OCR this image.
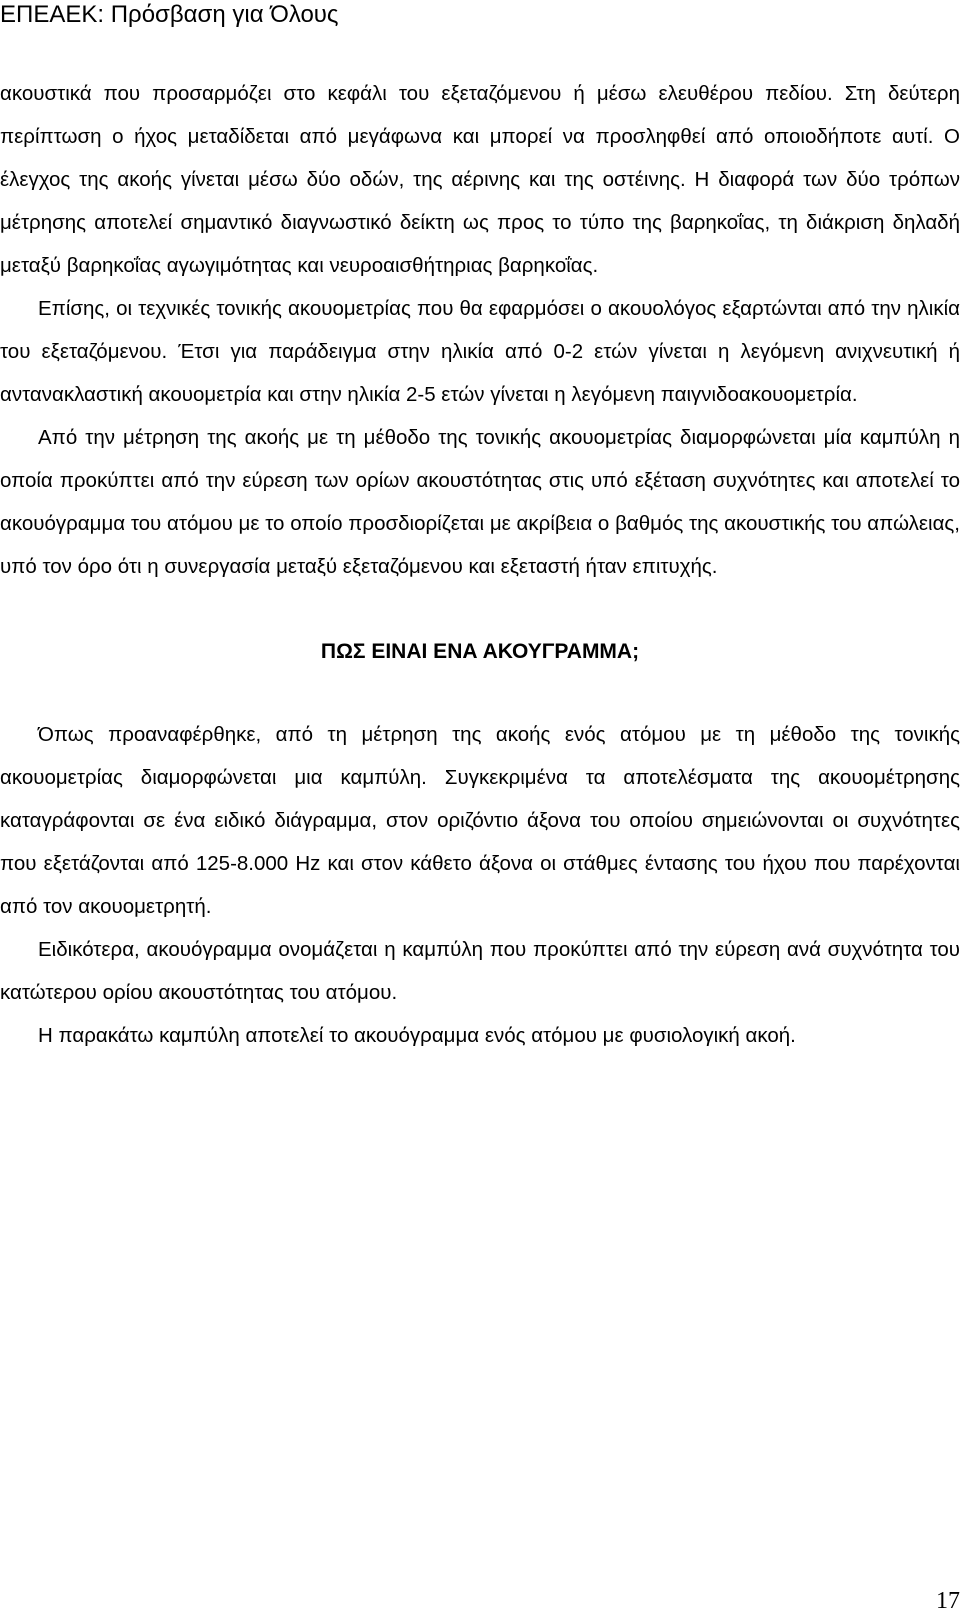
ΕΠΕΑΕΚ: Πρόσβαση για Όλους

ακουστικά που προσαρμόζει στο κεφάλι του εξεταζόμενου ή μέσω ελευθέρου πεδίου. Στη δεύτερη περίπτωση ο ήχος μεταδίδεται από μεγάφωνα και μπορεί να προσληφθεί από οποιοδήποτε αυτί. Ο έλεγχος της ακοής γίνεται μέσω δύο οδών, της αέρινης και της οστέινης. Η διαφορά των δύο τρόπων μέτρησης αποτελεί σημαντικό διαγνωστικό δείκτη ως προς το τύπο της βαρηκοΐας, τη διάκριση δηλαδή μεταξύ βαρηκοΐας αγωγιμότητας και νευροαισθήτηριας βαρηκοΐας.

Επίσης, οι τεχνικές τονικής ακουομετρίας που θα εφαρμόσει ο ακουολόγος εξαρτώνται από την ηλικία του εξεταζόμενου. Έτσι για παράδειγμα στην ηλικία από 0-2 ετών γίνεται η λεγόμενη ανιχνευτική ή αντανακλαστική ακουομετρία και στην ηλικία 2-5 ετών γίνεται η λεγόμενη παιγνιδοακουομετρία.

Από την μέτρηση της ακοής με τη μέθοδο της τονικής ακουομετρίας διαμορφώνεται μία καμπύλη η οποία προκύπτει από την εύρεση των ορίων ακουστότητας στις υπό εξέταση συχνότητες και αποτελεί το ακουόγραμμα του ατόμου με το οποίο προσδιορίζεται με ακρίβεια ο βαθμός της ακουστικής του απώλειας, υπό τον όρο ότι η συνεργασία μεταξύ εξεταζόμενου και εξεταστή ήταν επιτυχής.

ΠΩΣ ΕΙΝΑΙ ΕΝΑ ΑΚΟΥΓΡΑΜΜΑ;

Όπως προαναφέρθηκε, από τη μέτρηση της ακοής ενός ατόμου με τη μέθοδο της τονικής ακουομετρίας διαμορφώνεται μια καμπύλη. Συγκεκριμένα τα αποτελέσματα της ακουομέτρησης καταγράφονται σε ένα ειδικό διάγραμμα, στον οριζόντιο άξονα του οποίου σημειώνονται οι συχνότητες που εξετάζονται από 125-8.000 Hz και στον κάθετο άξονα οι στάθμες έντασης του ήχου που παρέχονται από τον ακουομετρητή.

Ειδικότερα, ακουόγραμμα ονομάζεται η καμπύλη που προκύπτει από την εύρεση ανά συχνότητα του κατώτερου ορίου ακουστότητας του ατόμου.

Η παρακάτω καμπύλη αποτελεί το ακουόγραμμα ενός ατόμου με φυσιολογική ακοή.

17
